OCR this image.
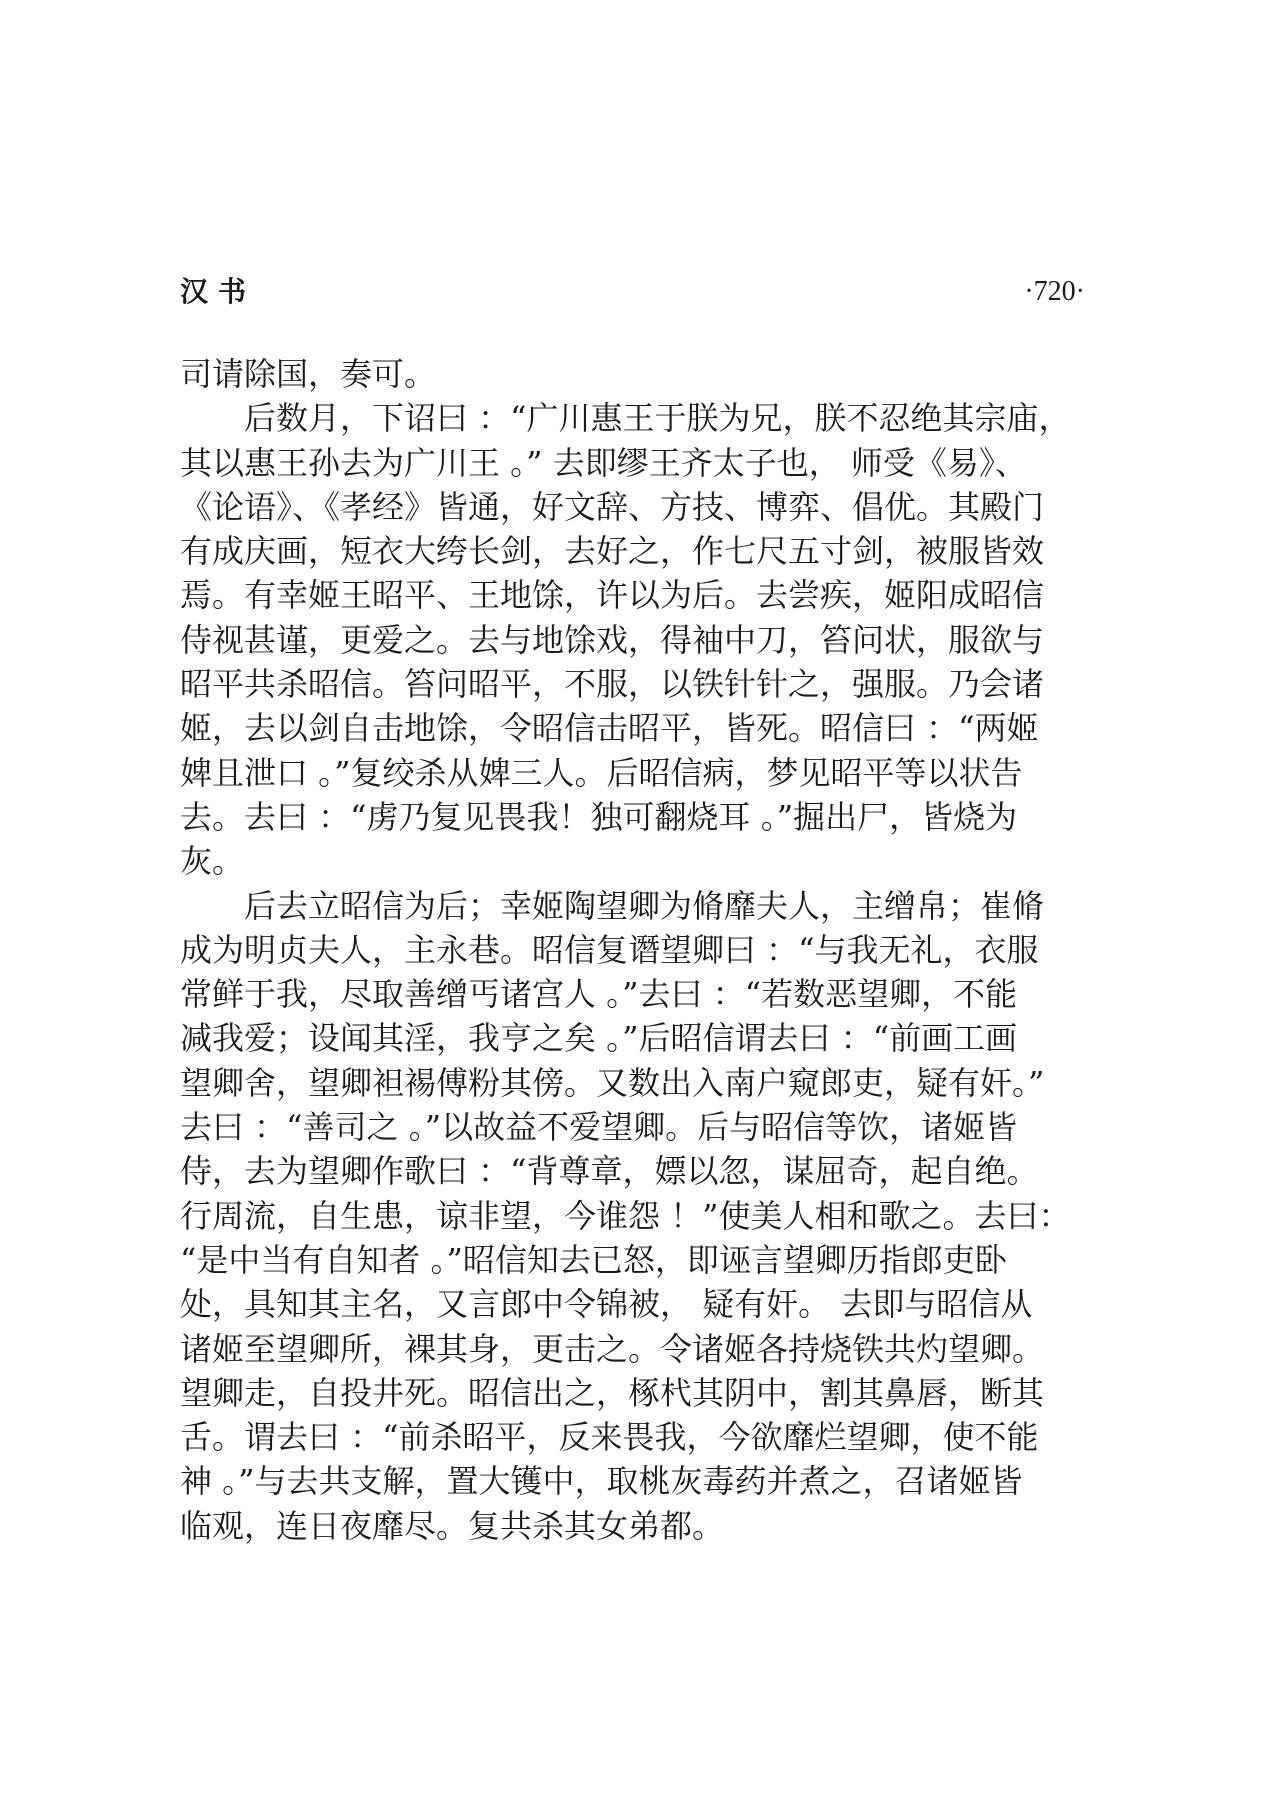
汉书	·720·

司请除国，奏可。

后数月，下诏曰 ：“广川惠王于朕为兄，朕不忍绝其宗庙，
其以惠王孙去为广川王 。” 去即缪王齐太子也， 师受《易》、
《论语》、《孝经》皆通，好文辞、方技、博弈、倡优。其殿门
有成庆画，短衣大绔长剑，去好之，作七尺五寸剑，被服皆效
焉。有幸姬王昭平、王地馀，许以为后。去尝疾，姬阳成昭信
侍视甚谨，更爱之。去与地馀戏，得袖中刀，笞问状，服欲与
昭平共杀昭信。笞问昭平，不服，以铁针针之，强服。乃会诸
姬，去以剑自击地馀，令昭信击昭平，皆死。昭信曰 ：“两姬
婢且泄口 。”复绞杀从婢三人。后昭信病，梦见昭平等以状告
去。去曰 ：“虏乃复见畏我！独可翻烧耳 。”掘出尸，皆烧为
灰。

后去立昭信为后；幸姬陶望卿为脩靡夫人，主缯帛；崔脩
成为明贞夫人，主永巷。昭信复谮望卿曰 ：“与我无礼，衣服
常鲜于我，尽取善缯丐诸宫人 。”去曰 ：“若数恶望卿，不能
减我爱；设闻其淫，我亨之矣 。”后昭信谓去曰 ：“前画工画
望卿舍，望卿袒裼傅粉其傍。又数出入南户窥郎吏，疑有奸。”
去曰 ：“善司之 。”以故益不爱望卿。后与昭信等饮，诸姬皆
侍，去为望卿作歌曰 ：“背尊章，嫖以忽，谋屈奇，起自绝。
行周流，自生患，谅非望，今谁怨 ！”使美人相和歌之。去曰：
“是中当有自知者 。”昭信知去已怒，即诬言望卿历指郎吏卧
处，具知其主名，又言郎中令锦被， 疑有奸。 去即与昭信从
诸姬至望卿所，裸其身，更击之。令诸姬各持烧铁共灼望卿。
望卿走，自投井死。昭信出之，椓杙其阴中，割其鼻唇，断其
舌。谓去曰 ：“前杀昭平，反来畏我，今欲靡烂望卿，使不能
神 。”与去共支解，置大镬中，取桃灰毒药并煮之，召诸姬皆
临观，连日夜靡尽。复共杀其女弟都。
